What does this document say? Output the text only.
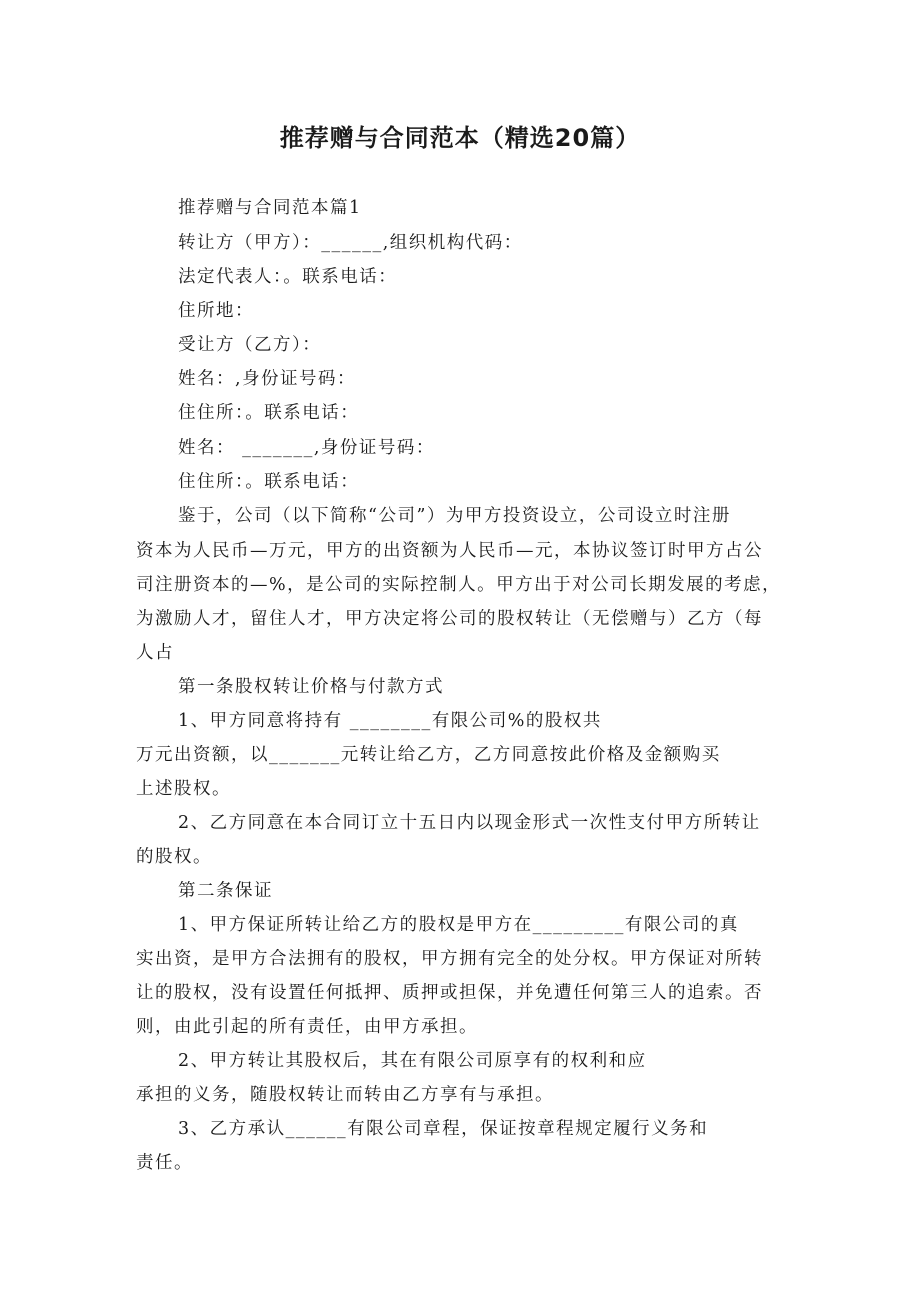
推荐赠与合同范本（精选20篇）
推荐赠与合同范本篇1
转让方（甲方）：______,组织机构代码：
法定代表人：。联系电话：
住所地：
受让方（乙方）：
姓名：,身份证号码：
住住所：。联系电话：
姓名： _______,身份证号码：
住住所：。联系电话：
鉴于，公司（以下简称“公司”）为甲方投资设立，公司设立时注册
资本为人民币—万元，甲方的出资额为人民币—元，本协议签订时甲方占公
司注册资本的—%，是公司的实际控制人。甲方出于对公司长期发展的考虑，
为激励人才，留住人才，甲方决定将公司的股权转让（无偿赠与）乙方（每
人占
第一条股权转让价格与付款方式
1、甲方同意将持有 ________有限公司%的股权共
万元出资额，以_______元转让给乙方，乙方同意按此价格及金额购买
上述股权。
2、乙方同意在本合同订立十五日内以现金形式一次性支付甲方所转让
的股权。
第二条保证
1、甲方保证所转让给乙方的股权是甲方在_________有限公司的真
实出资，是甲方合法拥有的股权，甲方拥有完全的处分权。甲方保证对所转
让的股权，没有设置任何抵押、质押或担保，并免遭任何第三人的追索。否
则，由此引起的所有责任，由甲方承担。
2、甲方转让其股权后，其在有限公司原享有的权利和应
承担的义务，随股权转让而转由乙方享有与承担。
3、乙方承认______有限公司章程，保证按章程规定履行义务和
责任。
